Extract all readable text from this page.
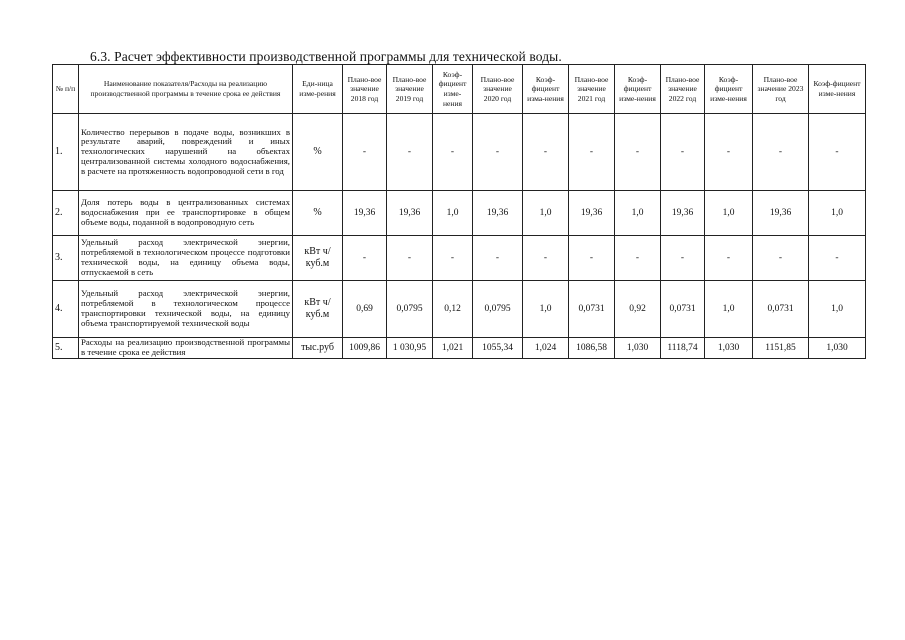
6.3. Расчет эффективности производственной программы для технической воды.
№ п/п	Наименование показателя/Расходы на реализацию производственной программы в течение срока ее действия	Еди-ница изме-рения	Плано-вое значение 2018 год	Плано-вое значение 2019 год	Коэф-фициент изме-нения	Плано-вое значение 2020 год	Коэф-фициент изма-нения	Плано-вое значение 2021 год	Коэф-фициент изме-нения	Плано-вое значение 2022 год	Коэф-фициент изме-нения	Плано-вое значение 2023 год	Коэф-фициент изме-нения
1.	Количество перерывов в подаче воды, возникших в результате аварий, повреждений и иных технологических нарушений на объектах централизованной системы холодного водоснабжения, в расчете на протяженность водопроводной сети в год	%	-	-	-	-	-	-	-	-	-	-	-
2.	Доля потерь воды в централизованных системах водоснабжения при ее транспортировке в общем объеме воды, поданной в водопроводную сеть	%	19,36	19,36	1,0	19,36	1,0	19,36	1,0	19,36	1,0	19,36	1,0
3.	Удельный расход электрической энергии, потребляемой в технологическом процессе подготовки технической воды, на единицу объема воды, отпускаемой в сеть	кВт ч/куб.м	-	-	-	-	-	-	-	-	-	-	-
4.	Удельный расход электрической энергии, потребляемой в технологическом процессе транспортировки технической воды, на единицу объема транспортируемой технической воды	кВт ч/куб.м	0,69	0,0795	0,12	0,0795	1,0	0,0731	0,92	0,0731	1,0	0,0731	1,0
5.	Расходы на реализацию производственной программы в течение срока ее действия	тыс.руб	1009,86	1 030,95	1,021	1055,34	1,024	1086,58	1,030	1118,74	1,030	1151,85	1,030
